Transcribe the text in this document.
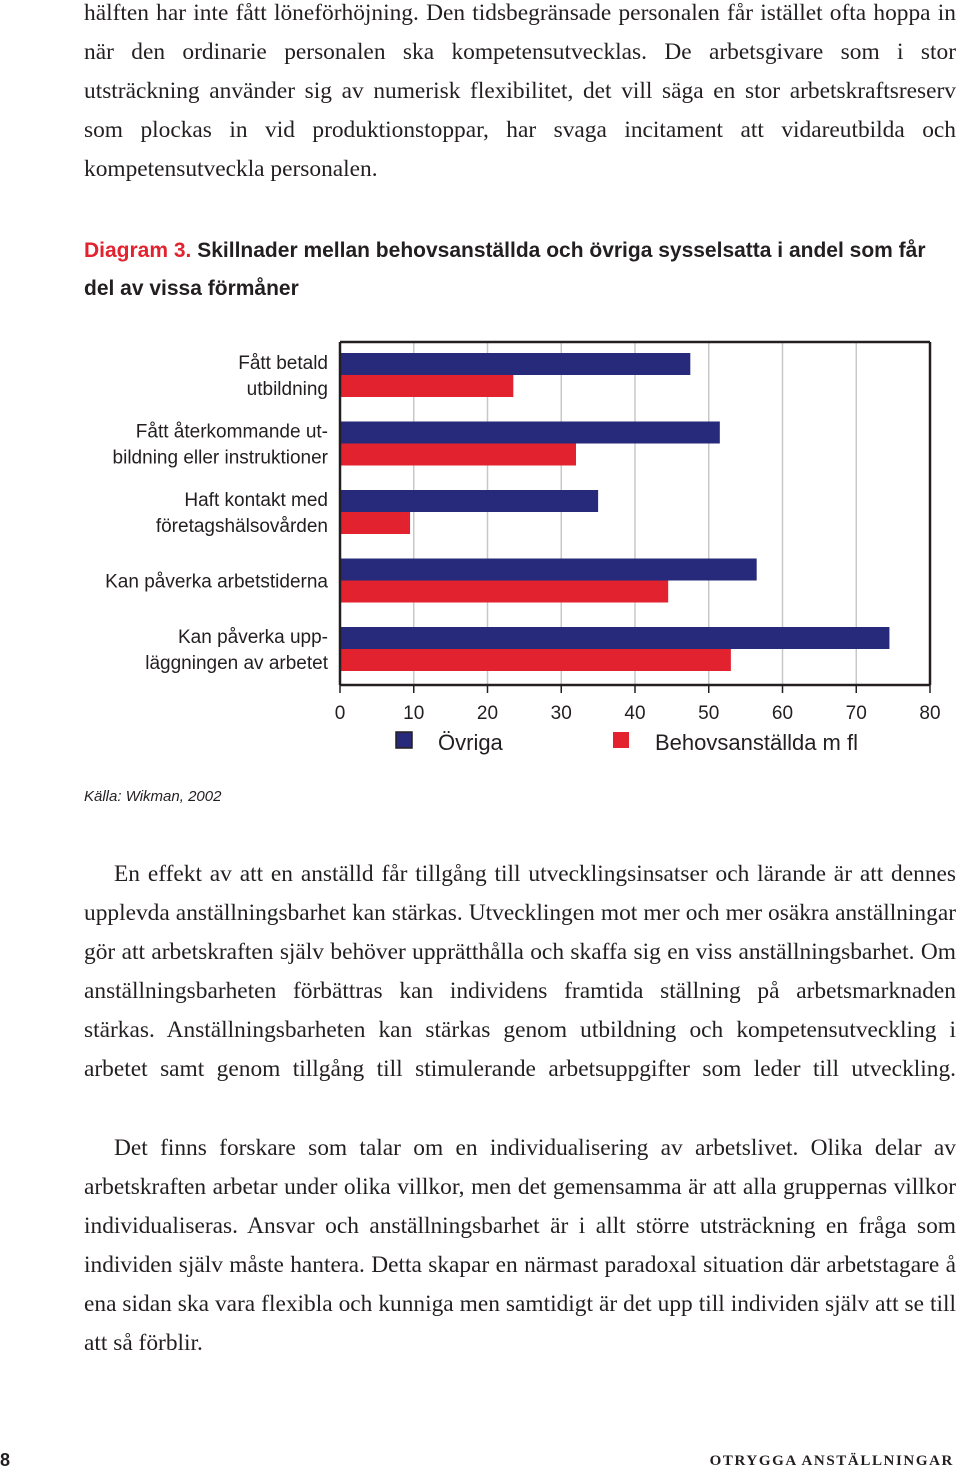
hälften har inte fått löneförhöjning. Den tidsbegränsade personalen får istället ofta hoppa in när den ordinarie personalen ska kompetensutvecklas. De arbetsgivare som i stor utsträckning använder sig av numerisk flexibilitet, det vill säga en stor arbetskraftsreserv som plockas in vid produktionstoppar, har svaga incitament att vidareutbilda och kompetensutveckla personalen.

Diagram 3. Skillnader mellan behovsanställda och övriga sysselsatta i andel som får del av vissa förmåner

Fått betald utbildning
Fått återkommande ut-bildning eller instruktioner
Haft kontakt med företagshälsovården
Kan påverka arbetstiderna
Kan påverka upp-läggningen av arbetet
0	10	20	30	40	50	60	70	80
Övriga	Behovsanställda m fl

Källa: Wikman, 2002

En effekt av att en anställd får tillgång till utvecklingsinsatser och lärande är att dennes upplevda anställningsbarhet kan stärkas. Utvecklingen mot mer och mer osäkra anställningar gör att arbetskraften själv behöver upprätthålla och skaffa sig en viss anställningsbarhet. Om anställningsbarheten förbättras kan individens framtida ställning på arbetsmarknaden stärkas. Anställningsbarheten kan stärkas genom utbildning och kompetensutveckling i arbetet samt genom tillgång till stimulerande arbetsuppgifter som leder till utveckling.

Det finns forskare som talar om en individualisering av arbetslivet. Olika delar av arbetskraften arbetar under olika villkor, men det gemensamma är att alla gruppernas villkor individualiseras. Ansvar och anställningsbarhet är i allt större utsträckning en fråga som individen själv måste hantera. Detta skapar en närmast paradoxal situation där arbetstagare å ena sidan ska vara flexibla och kunniga men samtidigt är det upp till individen själv att se till att så förblir.

8	OTRYGGA ANSTÄLLNINGAR
